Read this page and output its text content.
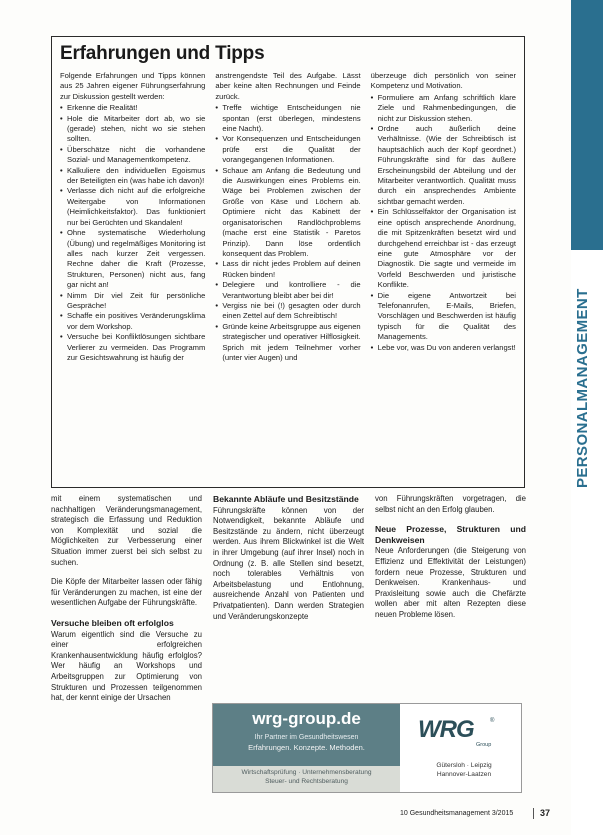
PERSONALMANAGEMENT
Erfahrungen und Tipps

Folgende Erfahrungen und Tipps können aus 25 Jahren eigener Führungserfahrung zur Diskussion gestellt werden:

• Erkenne die Realität!
• Hole die Mitarbeiter dort ab, wo sie (gerade) stehen, nicht wo sie stehen sollten.
• Überschätze nicht die vorhandene Sozial- und Managementkompetenz.
• Kalkuliere den individuellen Egoismus der Beteiligten ein (was habe ich davon)!
• Verlasse dich nicht auf die erfolgreiche Weitergabe von Informationen (Heimlichkeitsfaktor). Das funktioniert nur bei Gerüchten und Skandalen!
• Ohne systematische Wiederholung (Übung) und regelmäßiges Monitoring ist alles nach kurzer Zeit vergessen. Rechne daher die Kraft (Prozesse, Strukturen, Personen) nicht aus, fang gar nicht an!
• Nimm Dir viel Zeit für persönliche Gespräche!
• Schaffe ein positives Veränderungsklima vor dem Workshop.
• Versuche bei Konfliktlösungen sichtbare Verlierer zu vermeiden. Das Programm zur Gesichtswahrung ist häufig der

anstrengendste Teil des Aufgabe. Lässt aber keine alten Rechnungen und Feinde zurück.

• Treffe wichtige Entscheidungen nie spontan (erst überlegen, mindestens eine Nacht).
• Vor Konsequenzen und Entscheidungen prüfe erst die Qualität der vorangegangenen Informationen.
• Schaue am Anfang die Bedeutung und die Auswirkungen eines Problems ein. Wäge bei Problemen zwischen der Größe von Käse und Löchern ab. Optimiere nicht das Kabinett der organisatorischen Randlöchproblems (mache erst eine Statistik - Paretos Prinzip). Dann löse ordentlich konsequent das Problem.
• Lass dir nicht jedes Problem auf deinen Rücken binden!
• Delegiere und kontrolliere - die Verantwortung bleibt aber bei dir!
• Vergiss nie bei (!) gesagten oder durch einen Zettel auf dem Schreibtisch!
• Gründe keine Arbeitsgruppe aus eigenen strategischer und operativer Hilflosigkeit. Sprich mit jedem Teilnehmer vorher (unter vier Augen) und

überzeuge dich persönlich von seiner Kompetenz und Motivation.

• Formuliere am Anfang schriftlich klare Ziele und Rahmenbedingungen, die nicht zur Diskussion stehen.
• Ordne auch äußerlich deine Verhältnisse. (Wie der Schreibtisch ist hauptsächlich auch der Kopf geordnet.) Führungskräfte sind für das äußere Erscheinungsbild der Abteilung und der Mitarbeiter verantwortlich. Qualität muss durch ein ansprechendes Ambiente sichtbar gemacht werden.
• Ein Schlüsselfaktor der Organisation ist eine optisch ansprechende Anordnung, die mit Spitzenkräften besetzt wird und durchgehend erreichbar ist - das erzeugt eine gute Atmosphäre vor der Diagnostik. Die sagte und vermeide im Vorfeld Beschwerden und juristische Konflikte.
• Die eigene Antwortzeit bei Telefonanrufen, E-Mails, Briefen, Vorschlägen und Beschwerden ist häufig typisch für die Qualität des Managements.
• Lebe vor, was Du von anderen verlangst!

mit einem systematischen und nachhaltigen Veränderungsmanagement, strategisch die Erfassung und Reduktion von Komplexität und sozial die Möglichkeiten zur Verbesserung einer Situation immer zuerst bei sich selbst zu suchen.

Die Köpfe der Mitarbeiter lassen oder fähig für Veränderungen zu machen, ist eine der wesentlichen Aufgabe der Führungskräfte.

Versuche bleiben oft erfolglos

Warum eigentlich sind die Versuche zu einer erfolgreichen Krankenhausentwicklung häufig erfolglos? Wer häufig an Workshops und Arbeitsgruppen zur Optimierung von Strukturen und Prozessen teilgenommen hat, der kennt einige der Ursachen

Bekannte Abläufe und Besitzstände

Führungskräfte können von der Notwendigkeit, bekannte Abläufe und Besitzstände zu ändern, nicht überzeugt werden. Aus ihrem Blickwinkel ist die Welt in ihrer Umgebung (auf ihrer Insel) noch in Ordnung (z. B. alle Stellen sind besetzt, noch tolerables Verhältnis von Arbeitsbelastung und Entlohnung, ausreichende Anzahl von Patienten und Privatpatienten). Dann werden Strategien und Veränderungskonzepte

von Führungskräften vorgetragen, die selbst nicht an den Erfolg glauben.

Neue Prozesse, Strukturen und Denkweisen

Neue Anforderungen (die Steigerung von Effizienz und Effektivität der Leistungen) fordern neue Prozesse, Strukturen und Denkweisen. Krankenhaus- und Praxisleitung sowie auch die Chefärzte wollen aber mit alten Rezepten diese neuen Probleme lösen.

wrg-group.de
Ihr Partner im Gesundheitswesen
Erfahrungen. Konzepte. Methoden.
Wirtschaftsprüfung · Unternehmensberatung
Steuer- und Rechtsberatung
WRG	®
Group
Gütersloh · Leipzig
Hannover-Laatzen
10 Gesundheitsmanagement 3/2015	37
